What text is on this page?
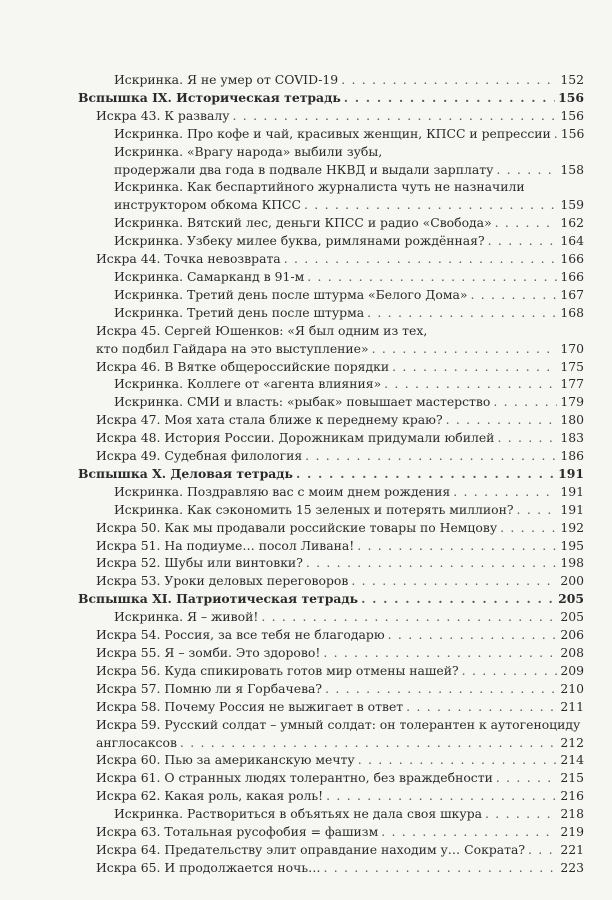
Искринка. Я не умер от COVID-19 . . .	152
Вспышка IX. Историческая тетрадь . . .	156
Искра 43. К развалу . . .	156
Искринка. Про кофе и чай, красивых женщин, КПСС и репрессии . . . 156
Искринка. «Врагу народа» выбили зубы,
продержали два года в подвале НКВД и выдали зарплату . . .	158
Искринка. Как беспартийного журналиста чуть не назначили
инструктором обкома КПСС . . .	159
Искринка. Вятский лес, деньги КПСС и радио «Свобода» . . .	162
Искринка. Узбеку милее буква, римлянами рождённая? . . .	164
Искра 44. Точка невозврата . . .	166
Искринка. Самарканд в 91-м . . .	166
Искринка. Третий день после штурма «Белого Дома» . . .	167
Искринка. Третий день после штурма . . .	168
Искра 45. Сергей Юшенков: «Я был одним из тех,
кто подбил Гайдара на это выступление» . . .	170
Искра 46. В Вятке общероссийские порядки . . .	175
Искринка. Коллеге от «агента влияния» . . .	177
Искринка. СМИ и власть: «рыбак» повышает мастерство . . .	179
Искра 47. Моя хата стала ближе к переднему краю? . . .	180
Искра 48. История России. Дорожникам придумали юбилей . . .	183
Искра 49. Судебная филология . . .	186
Вспышка X. Деловая тетрадь . . .	191
Искринка. Поздравляю вас с моим днем рождения . . .	191
Искринка. Как сэкономить 15 зеленых и потерять миллион? . . .	191
Искра 50. Как мы продавали российские товары по Немцову . . .	192
Искра 51. На подиуме… посол Ливана! . . .	195
Искра 52. Шубы или винтовки? . . .	198
Искра 53. Уроки деловых переговоров . . .	200
Вспышка XI. Патриотическая тетрадь . . .	205
Искринка. Я – живой! . . .	205
Искра 54. Россия, за все тебя не благодарю . . .	206
Искра 55. Я – зомби. Это здорово! . . .	208
Искра 56. Куда спикировать готов мир отмены нашей? . . .	209
Искра 57. Помню ли я Горбачева? . . .	210
Искра 58. Почему Россия не выжигает в ответ . . .	211
Искра 59. Русский солдат – умный солдат: он толерантен к аутогеноциду
англосаксов . . .	212
Искра 60. Пью за американскую мечту . . .	214
Искра 61. О странных людях толерантно, без враждебности . . .	215
Искра 62. Какая роль, какая роль! . . .	216
Искринка. Раствориться в объятьях не дала своя шкура . . .	218
Искра 63. Тотальная русофобия = фашизм . . .	219
Искра 64. Предательству элит оправдание находим у… Сократа? . . .	221
Искра 65. И продолжается ночь… . . .	223
